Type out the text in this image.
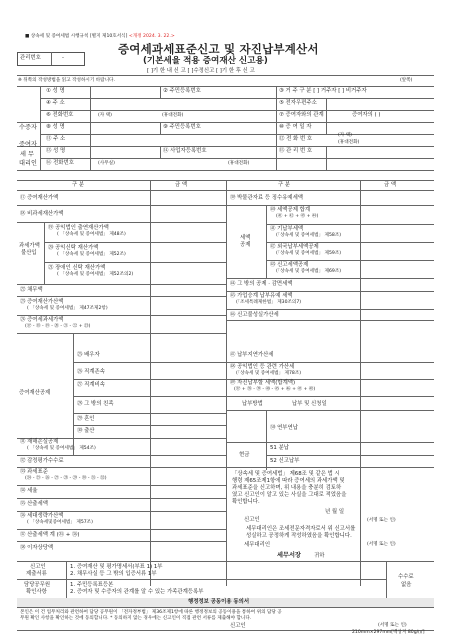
■ 상속세 및 증여세법 시행규칙 [별지 제10호서식] <개정 2024. 3. 22.>
관리번호	-
증여세과세표준신고 및 자진납부계산서
(기본세율 적용 증여재산 신고용)
[ ]기 한 내 신 고 [ ]수정신고 [ ]기 한 후 신 고
※ 뒤쪽의 작성방법을 읽고 작성하시기 바랍니다.	(앞쪽)
수증자
① 성 명	② 주민등록번호	③ 거 주 구 분 [ ] 거주자 [ ] 비거주자
④ 주 소	⑤ 전자우편주소
⑥ 전화번호	(자 택)	(휴대전화)	⑦ 증여자와의 관계	증여자의 ( )
증여자
⑧ 성 명	⑨ 주민등록번호	⑩ 증 여 일 자
⑪ 주 소	⑫ 전 화 번 호
(자 택)
(휴대전화)
세 무
대리인
⑬ 성 명	⑭ 사업자등록번호	⑮ 관 리 번 호
⑯ 전화번호	(사무실)	(휴대전화)
구 분	금 액	구 분	금 액
⑰ 증여재산가액
⑱ 비과세재산가액
과세가액
불산입
⑲ 공익법인 출연재산가액
( 「상속세 및 증여세법」 제48조)
⑳ 공익신탁 재산가액
( 「상속세 및 증여세법」 제52조)
㉑ 장애인 신탁 재산가액
( 「상속세 및 증여세법」 제52조의2)
㉒ 채무액
㉓ 증여재산가산액
( 「상속세 및 증여세법」 제47조제2항)
㉔ 증여세과세가액
(⑰ - ⑱ - ⑲ - ⑳ - ㉑ - ㉒ + ㉓)
증여재산공제
㉕ 배우자
㉖ 직계존속
㉗ 직계비속
㉘ 그 밖의 친족
㉙ 혼인
㉚ 출산
㉛ 재해손실공제
( 「상속세 및 증여세법」 제54조)
㉜ 감정평가수수료
㉝ 과세표준
(㉔ - ㉕ - ㉖ - ㉗ - ㉘ - ㉙ - ㉚ - ㉛ - ㉜)
㉞ 세율
㉟ 산출세액
㊱ 세대생략가산액
( 「상속세및증여세법」 제57조)
㊲ 산출세액 계 (㉟ + ㊱)
㊳ 이자상당액
㊴ 박물관자료 등 징수유예세액
㊵ 세액공제 합계
(㊶ + ㊷ + ㊸ + ㊹)
세액
공제
㊶ 기납부세액
(「상속세 및 증여세법」 제58조)
㊷ 외국납부세액공제
(「상속세 및 증여세법」 제59조)
㊸ 신고세액공제
(「상속세 및 증여세법」 제69조)
㊹ 그 밖의 공제 · 감면세액
㊺ 가업승계 납부유예 세액
(「조세특례제한법」 제30조의7)
㊻ 신고불성실가산세
㊼ 납부지연가산세
㊽ 공익법인 등 관련 가산세
(「상속세 및 증여세법」 제78조)
㊾ 자진납부할 세액(합계액)
(㊲ + ㊳ - ㊴ - ㊵ - ㊺ + ㊻ + ㊼ + ㊽)
납부방법	납부 및 신청일
㊿ 연부연납
현금
51 분납
52 신고납부
「상속세 및 증여세법」 제68조 및 같은 법 시
행령 제65조제1항에 따라 증여세의 과세가액 및
과세표준을 신고하며, 위 내용을 충분히 검토하
였고 신고인이 알고 있는 사실을 그대로 적었음을
확인합니다.
년 월 일
신고인	(서명 또는 인)
세무대리인은 조세전문자격자로서 위 신고서를
성실하고 공정하게 작성하였음을 확인합니다.
세무대리인	(서명 또는 인)
세무서장 귀하
신고인
제출서류
1. 증여재산 및 평가명세서(부표 1) 1부
2. 채무사실 등 그 밖의 입증서류 1부
담당공무원
확인사항
1. 주민등록표등본
2. 증여자 및 수증자의 관계를 알 수 있는 가족관계등록부
수수료
없음
행정정보 공동이용 동의서
본인은 이 건 업무처리와 관련하여 담당 공무원이 「전자정부법」 제36조제1항에 따른 행정정보의 공동이용을 통하여 위의 담당 공
무원 확인 사항을 확인하는 것에 동의합니다. * 동의하지 않는 경우에는 신고인이 직접 관련 서류를 제출해야 합니다.
신고인	(서명 또는 인)
210mm×297mm[백상지 80g/㎡]
